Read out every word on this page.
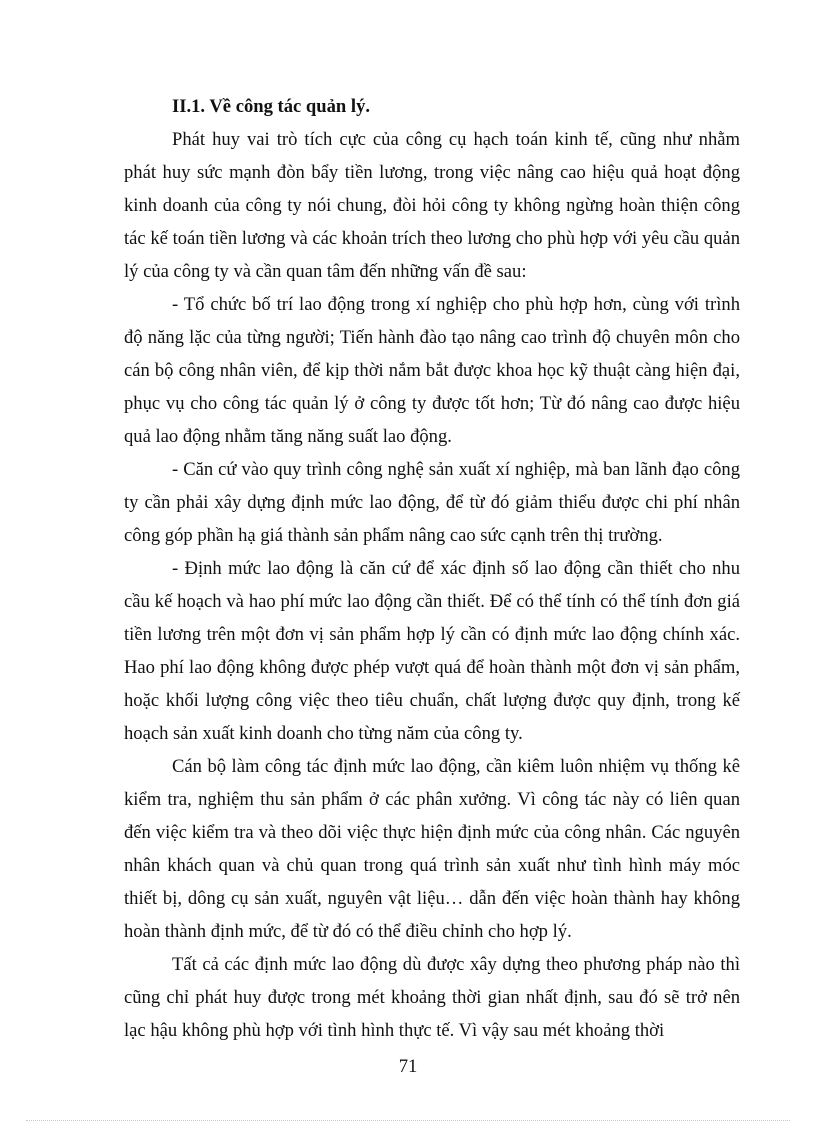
II.1. Về công tác quản lý.

Phát huy vai trò tích cực của công cụ hạch toán kinh tế, cũng như nhằm phát huy sức mạnh đòn bẩy tiền lương, trong việc nâng cao hiệu quả hoạt động kinh doanh của công ty nói chung, đòi hỏi công ty không ngừng hoàn thiện công tác kế toán tiền lương và các khoản trích theo lương cho phù hợp với yêu cầu quản lý của công ty và cần quan tâm đến những vấn đề sau:

- Tổ chức bố trí lao động trong xí nghiệp cho phù hợp hơn, cùng với trình độ năng lặc của từng người; Tiến hành đào tạo nâng cao trình độ chuyên môn cho cán bộ công nhân viên, để kịp thời nắm bắt được khoa học kỹ thuật càng hiện đại, phục vụ cho công tác quản lý ở công ty được tốt hơn; Từ đó nâng cao được hiệu quả lao động nhằm tăng năng suất lao động.

- Căn cứ vào quy trình công nghệ sản xuất xí nghiệp, mà ban lãnh đạo công ty cần phải xây dựng định mức lao động, để từ đó giảm thiểu được chi phí nhân công góp phần hạ giá thành sản phẩm nâng cao sức cạnh trên thị trường.

- Định mức lao động là căn cứ để xác định số lao động cần thiết cho nhu cầu kế hoạch và hao phí mức lao động cần thiết. Để có thể tính có thể tính đơn giá tiền lương trên một đơn vị sản phẩm hợp lý cần có định mức lao động chính xác. Hao phí lao động không được phép vượt quá để hoàn thành một đơn vị sản phẩm, hoặc khối lượng công việc theo tiêu chuẩn, chất lượng được quy định, trong kế hoạch sản xuất kinh doanh cho từng năm của công ty.

Cán bộ làm công tác định mức lao động, cần kiêm luôn nhiệm vụ thống kê kiểm tra, nghiệm thu sản phẩm ở các phân xưởng. Vì công tác này có liên quan đến việc kiểm tra và theo dõi việc thực hiện định mức của công nhân. Các nguyên nhân khách quan và chủ quan trong quá trình sản xuất như tình hình máy móc thiết bị, dông cụ sản xuất, nguyên vật liệu… dẫn đến việc hoàn thành hay không hoàn thành định mức, để từ đó có thể điều chỉnh cho hợp lý.

Tất cả các định mức lao động dù được xây dựng theo phương pháp nào thì cũng chỉ phát huy được trong mét khoảng thời gian nhất định, sau đó sẽ trở nên lạc hậu không phù hợp với tình hình thực tế. Vì vậy sau mét khoảng thời

71
